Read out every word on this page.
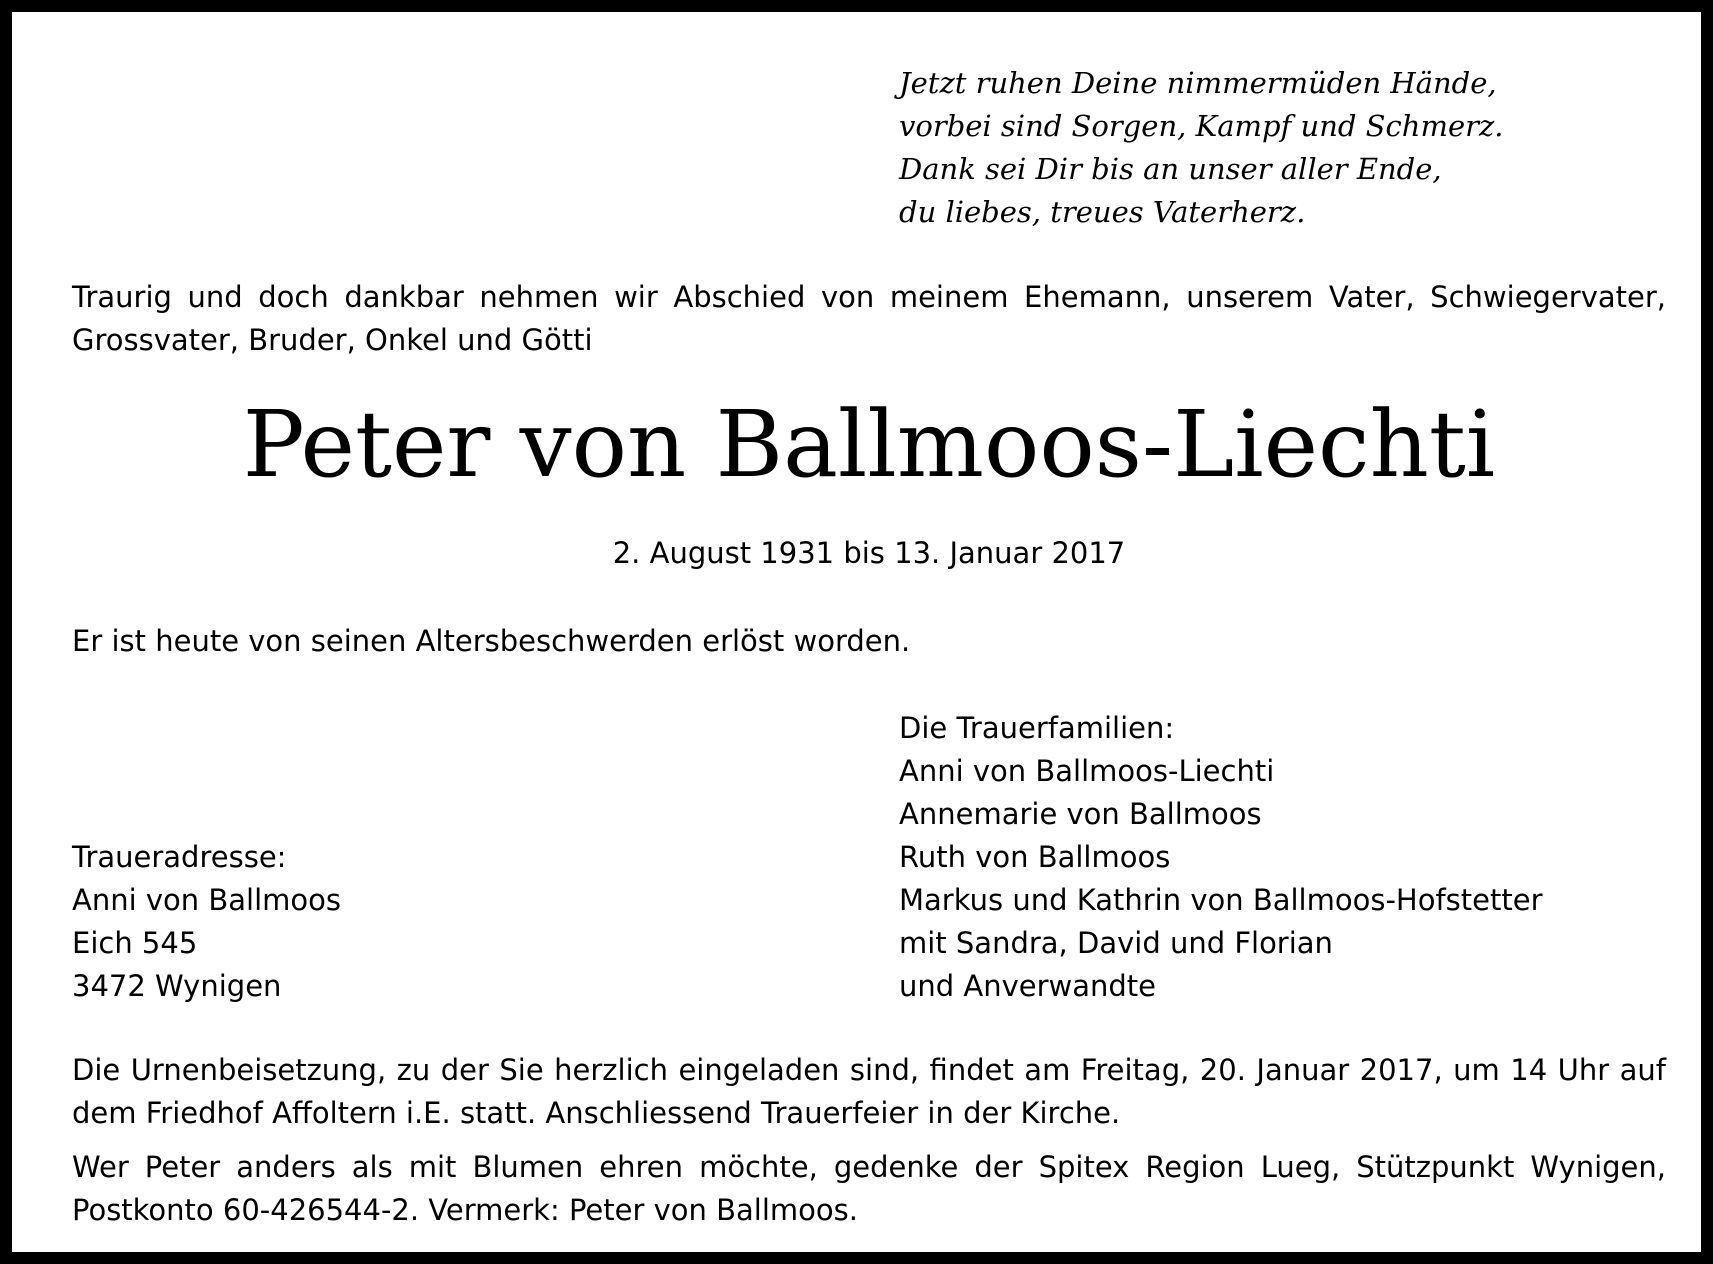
Jetzt ruhen Deine nimmermüden Hände,
vorbei sind Sorgen, Kampf und Schmerz.
Dank sei Dir bis an unser aller Ende,
du liebes, treues Vaterherz.
Traurig und doch dankbar nehmen wir Abschied von meinem Ehemann, unserem Vater, Schwiegervater, Grossvater, Bruder, Onkel und Götti
Peter von Ballmoos-Liechti
2. August 1931 bis 13. Januar 2017
Er ist heute von seinen Altersbeschwerden erlöst worden.
Die Trauerfamilien:
Anni von Ballmoos-Liechti
Annemarie von Ballmoos
Ruth von Ballmoos
Markus und Kathrin von Ballmoos-Hofstetter
mit Sandra, David und Florian
und Anverwandte
Traueradresse:
Anni von Ballmoos
Eich 545
3472 Wynigen
Die Urnenbeisetzung, zu der Sie herzlich eingeladen sind, findet am Freitag, 20. Januar 2017, um 14 Uhr auf dem Friedhof Affoltern i.E. statt. Anschliessend Trauerfeier in der Kirche.
Wer Peter anders als mit Blumen ehren möchte, gedenke der Spitex Region Lueg, Stützpunkt Wynigen, Postkonto 60-426544-2. Vermerk: Peter von Ballmoos.
